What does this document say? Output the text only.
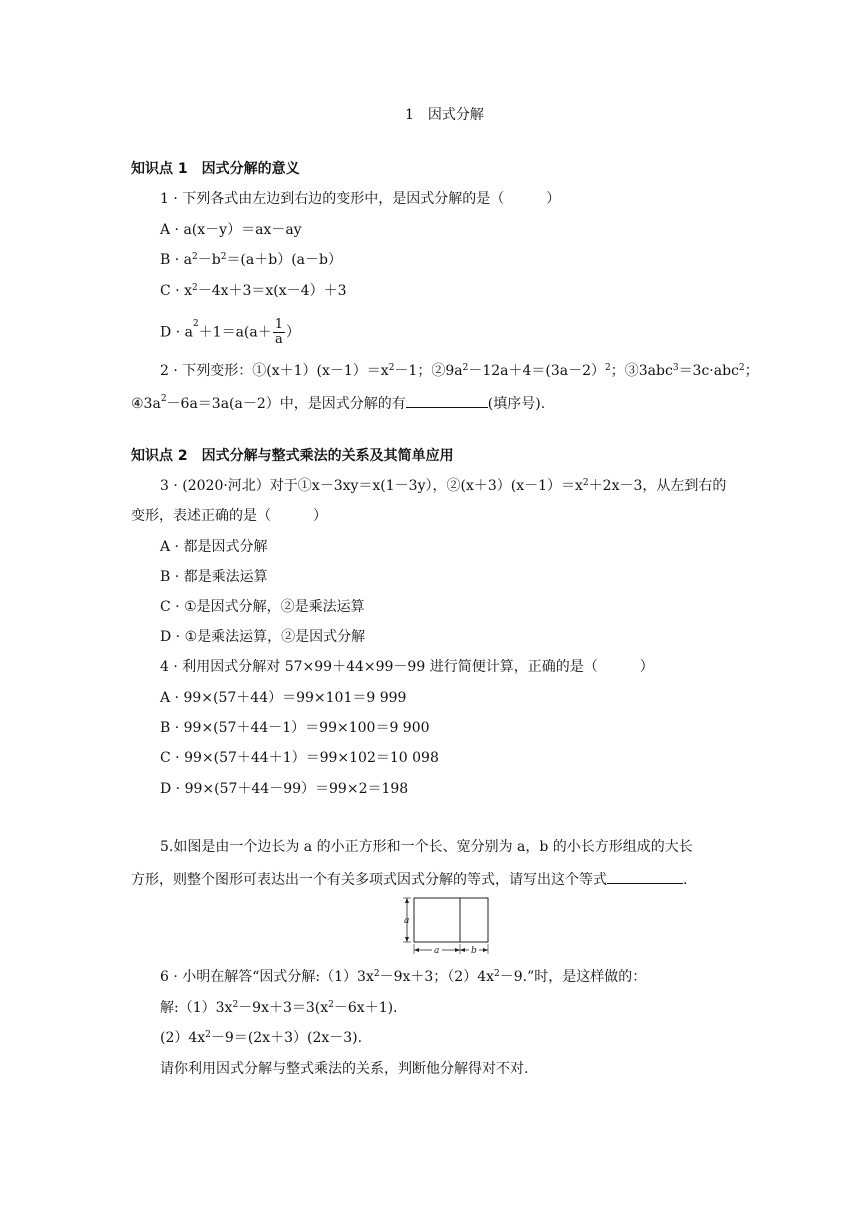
1　因式分解
知识点 1　因式分解的意义
1 · 下列各式由左边到右边的变形中，是因式分解的是（　　　）
A · a(x－y）＝ax－ay
$B \cdot a^2-b^2=(a+b)(a-b)$
$C \cdot x^2-4x+3=x(x-4)+3$
$D \cdot a^2+1=a(a+ \frac{1}{a}$ ）
2 · 下列变形：$①(x+1)(x-1)=x^2-1$；$②9a^2-12a+4=(3a-2)^2$；③3abc$^3$＝3c·abc$^2$；
$④3a^2-6a=3a(a-2)$中，是因式分解的有	(填序号).
知识点 2　因式分解与整式乘法的关系及其简单应用
3 · (2020·河北）对于①x－3xy＝x(1－3y），$②(x+3)(x-1)=x^2+2x-3$，从左到右的
变形，表述正确的是（　　　）
A · 都是因式分解
B · 都是乘法运算
C · ①是因式分解，②是乘法运算
D · ①是乘法运算，②是因式分解
4 · 利用因式分解对 57×99＋44×99－99 进行简便计算，正确的是（　　　）
A · 99×(57＋44）＝99×101＝9 999
B · 99×(57＋44－1）＝99×100＝9 900
C · 99×(57＋44＋1）＝99×102＝10 098
D · 99×(57＋44－99）＝99×2＝198
5.如图是由一个边长为 a 的小正方形和一个长、宽分别为 a，b 的小长方形组成的大长
方形，则整个图形可表达出一个有关多项式因式分解的等式，请写出这个等式	.
a
a	b
6 · 小明在解答“因式分解$:(1)3x^2-9x+3$；$(2)4x^2-9$.”时，是这样做的：
解$:(1)3x^2-9x+3=3(x^2-6x+1)$.
$(2)4x^2-9=(2x+3)(2x-3)$.
请你利用因式分解与整式乘法的关系，判断他分解得对不对.
